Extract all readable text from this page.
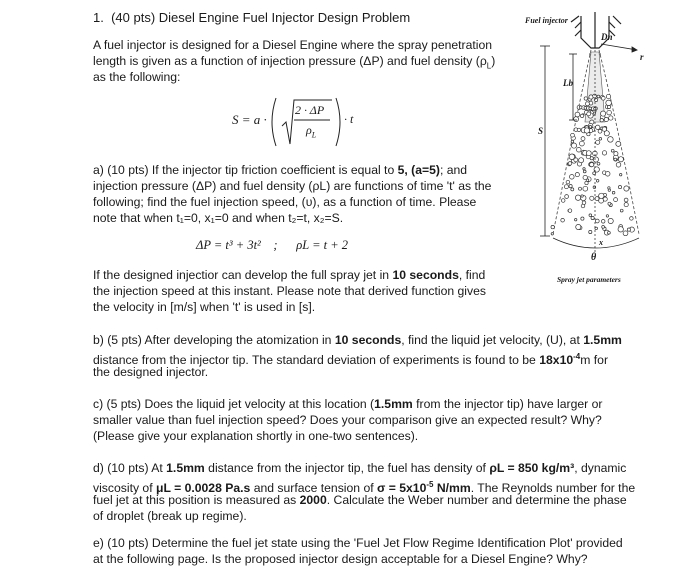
1. (40 pts) Diesel Engine Fuel Injector Design Problem

A fuel injector is designed for a Diesel Engine where the spray penetration

length is given as a function of injection pressure (ΔP) and fuel density $(\rho_L)$

as the following:

S = a ·
2 · ΔP
$\rho_L$
· t

a) (10 pts) If the injector tip friction coefficient is equal to 5, (a=5); and

injection pressure (ΔP) and fuel density (ρL) are functions of time 't' as the

following; find the fuel injection speed, (υ), as a function of time. Please

note that when t₁=0, x₁=0 and when t₂=t, x₂=S.

ΔP = t³ + 3t² ; ρL = t + 2

If the designed injectior can develop the full spray jet in 10 seconds, find

the injection speed at this instant. Please note that derived function gives

the velocity in [m/s] when 't' is used in [s].

b) (5 pts) After developing the atomization in 10 seconds, find the liquid jet velocity, (U), at 1.5mm

distance from the injector tip. The standard deviation of experiments is found to be $18x10^{-4}m$ for

the designed injector.

c) (5 pts) Does the liquid jet velocity at this location (1.5mm from the injector tip) have larger or

smaller value than fuel injection speed? Does your comparison give an expected result? Why?

(Please give your explanation shortly in one-two sentences).

d) (10 pts) At 1.5mm distance from the injector tip, the fuel has density of ρL = 850 kg/m³, dynamic

viscosity of μL = 0.0028 Pa.s and surface tension of $\sigma = 5x10^{-5}$ N/mm. The Reynolds number for the

fuel jet at this position is measured as 2000. Calculate the Weber number and determine the phase

of droplet (break up regime).

e) (10 pts) Determine the fuel jet state using the 'Fuel Jet Flow Regime Identification Plot' provided

at the following page. Is the proposed injector design acceptable for a Diesel Engine? Why?

Fuel injector
Dn
Lb
S
r
x
θ
Spray jet parameters
